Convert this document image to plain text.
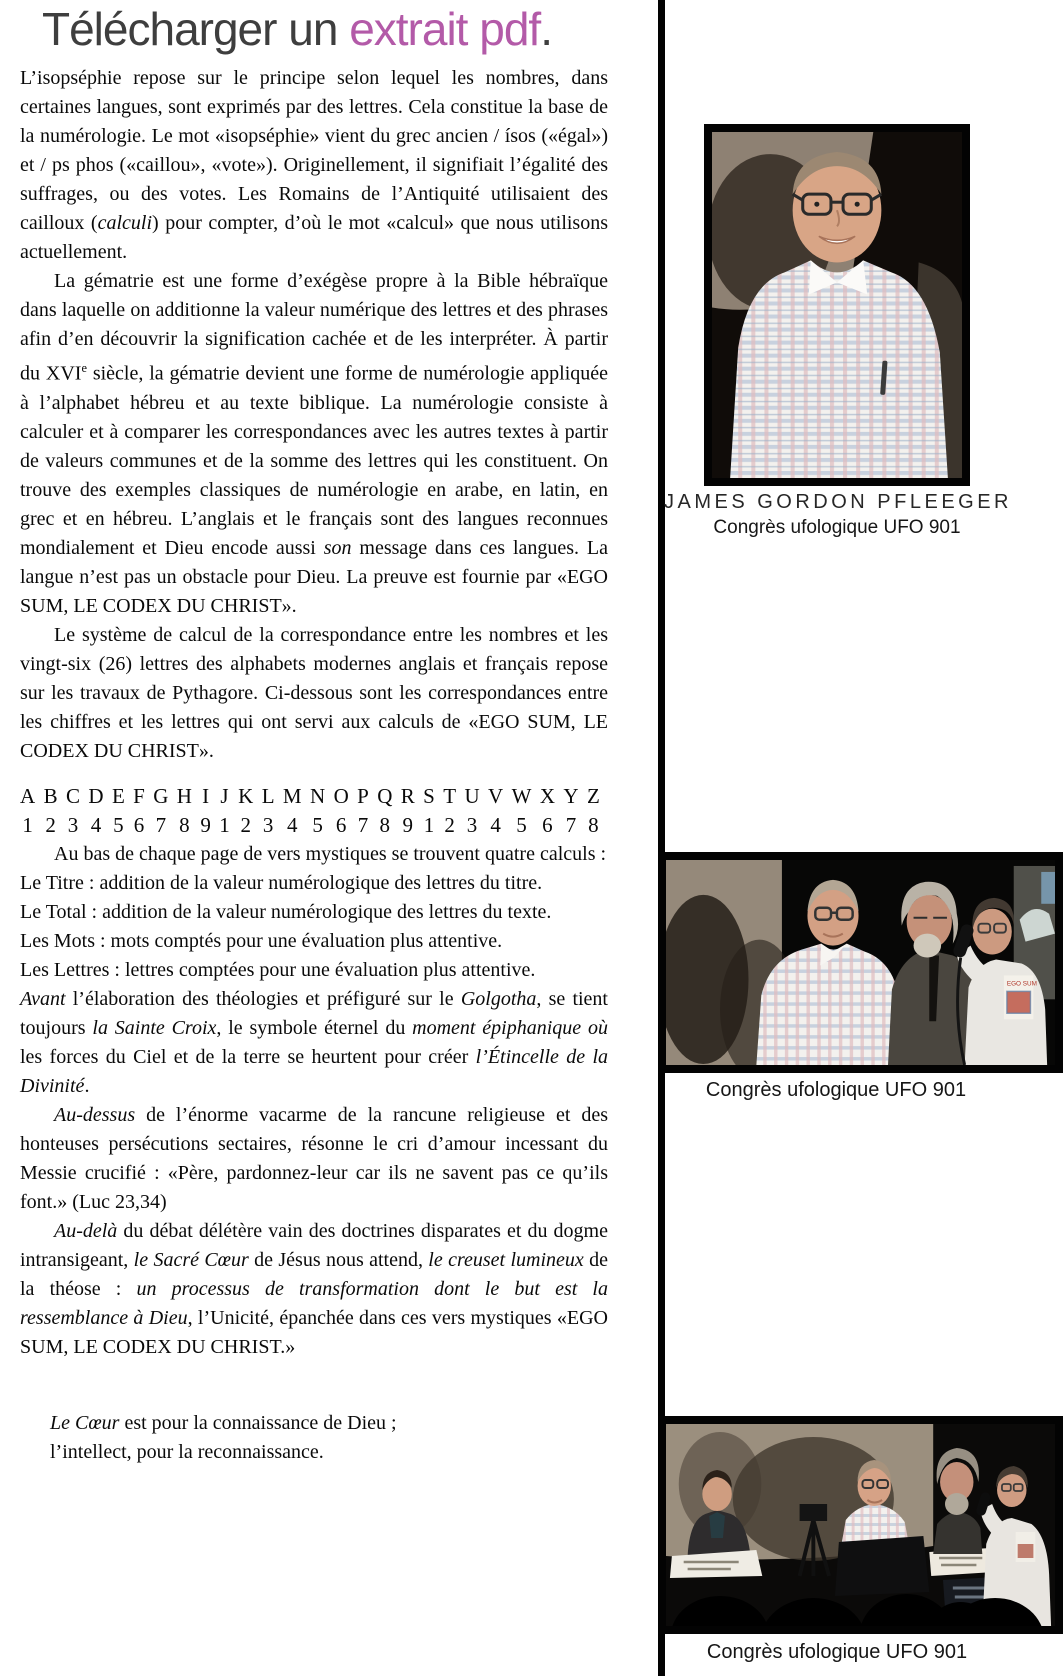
Télécharger un extrait pdf.

L’isopséphie repose sur le principe selon lequel les nombres, dans certaines langues, sont exprimés par des lettres. Cela constitue la base de la numérologie. Le mot «isopséphie» vient du grec ancien / ísos («égal») et / ps phos («caillou», «vote»). Originellement, il signifiait l’égalité des suffrages, ou des votes. Les Romains de l’Antiquité utilisaient des cailloux (calculi) pour compter, d’où le mot «calcul» que nous utilisons actuellement.

La gématrie est une forme d’exégèse propre à la Bible hébraïque dans laquelle on additionne la valeur numérique des lettres et des phrases afin d’en découvrir la signification cachée et de les interpréter. À partir du XVIe siècle, la gématrie devient une forme de numérologie appliquée à l’alphabet hébreu et au texte biblique. La numérologie consiste à calculer et à comparer les correspondances avec les autres textes à partir de valeurs communes et de la somme des lettres qui les constituent. On trouve des exemples classiques de numérologie en arabe, en latin, en grec et en hébreu. L’anglais et le français sont des langues reconnues mondialement et Dieu encode aussi son message dans ces langues. La langue n’est pas un obstacle pour Dieu. La preuve est fournie par «EGO SUM, LE CODEX DU CHRIST».

Le système de calcul de la correspondance entre les nombres et les vingt-six (26) lettres des alphabets modernes anglais et français repose sur les travaux de Pythagore. Ci-dessous sont les correspondances entre les chiffres et les lettres qui ont servi aux calculs de «EGO SUM, LE CODEX DU CHRIST».

A
1
B
2
C
3
D
4
E
5
F
6
G
7
H
8
I
9
J
1
K
2
L
3
M
4
N
5
O
6
P
7
Q
8
R
9
S
1
T
2
U
3
V
4
W
5
X
6
Y
7
Z
8

Au bas de chaque page de vers mystiques se trouvent quatre calculs :

Le Titre : addition de la valeur numérologique des lettres du titre.

Le Total : addition de la valeur numérologique des lettres du texte.

Les Mots : mots comptés pour une évaluation plus attentive.

Les Lettres : lettres comptées pour une évaluation plus attentive.

Avant l’élaboration des théologies et préfiguré sur le Golgotha, se tient toujours la Sainte Croix, le symbole éternel du moment épiphanique où les forces du Ciel et de la terre se heurtent pour créer l’Étincelle de la Divinité.

Au-dessus de l’énorme vacarme de la rancune religieuse et des honteuses persécutions sectaires, résonne le cri d’amour incessant du Messie crucifié : «Père, pardonnez-leur car ils ne savent pas ce qu’ils font.» (Luc 23,34)

Au-delà du débat délétère vain des doctrines disparates et du dogme intransigeant, le Sacré Cœur de Jésus nous attend, le creuset lumineux de la théose : un processus de transformation dont le but est la ressemblance à Dieu, l’Unicité, épanchée dans ces vers mystiques «EGO SUM, LE CODEX DU CHRIST.»

Le Cœur est pour la connaissance de Dieu ;

l’intellect, pour la reconnaissance.

JAMES GORDON PFLEEGER
Congrès ufologique UFO 901
EGO SUM
Congrès ufologique UFO 901
Congrès ufologique UFO 901
